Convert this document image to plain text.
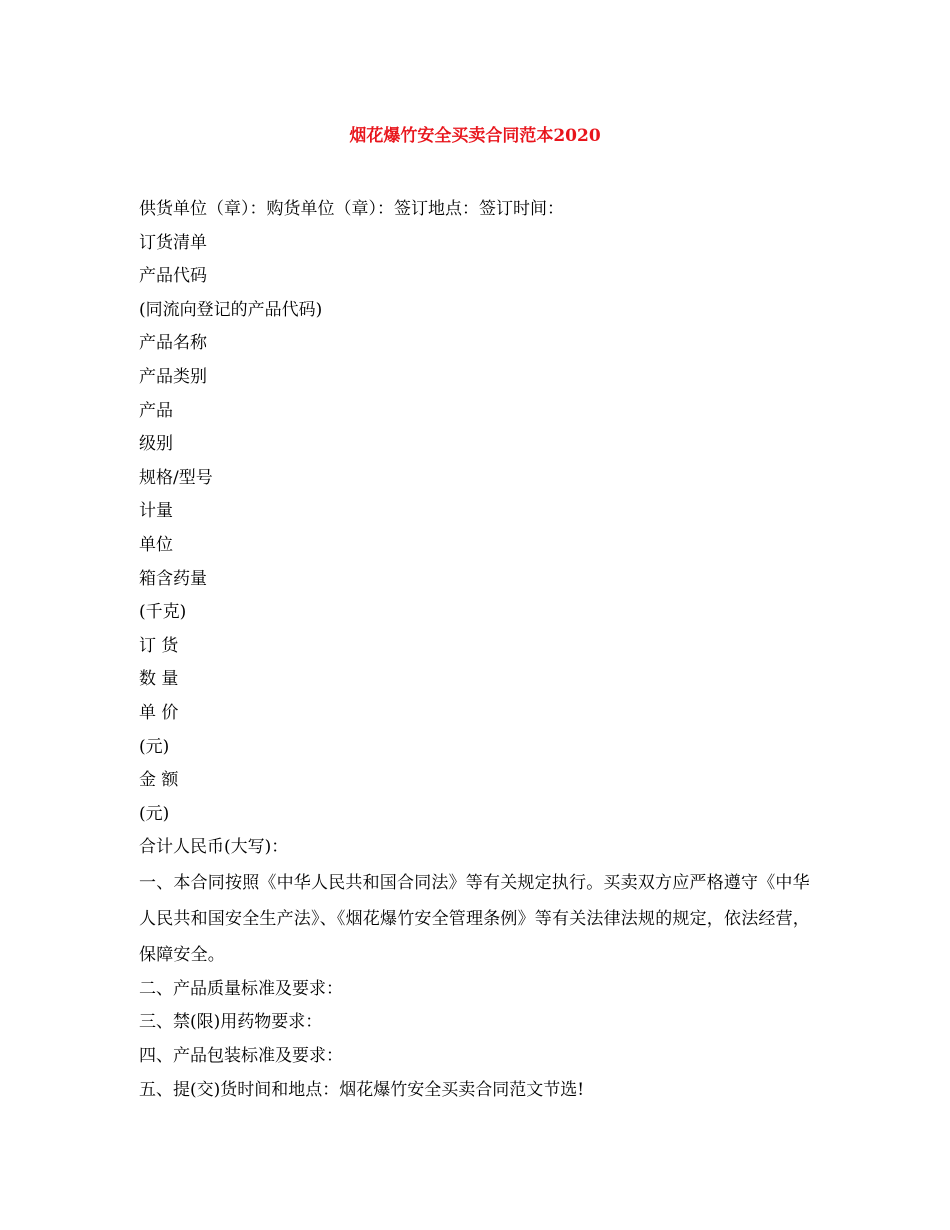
烟花爆竹安全买卖合同范本2020
供货单位（章）：购货单位（章）：签订地点：签订时间：
订货清单
产品代码
(同流向登记的产品代码)
产品名称
产品类别
产品
级别
规格/型号
计量
单位
箱含药量
(千克)
订 货
数 量
单 价
(元)
金 额
(元)
合计人民币(大写)：
一、本合同按照《中华人民共和国合同法》等有关规定执行。买卖双方应严格遵守《中华人民共和国安全生产法》、《烟花爆竹安全管理条例》等有关法律法规的规定，依法经营，保障安全。
二、产品质量标准及要求：
三、禁(限)用药物要求：
四、产品包装标准及要求：
五、提(交)货时间和地点：烟花爆竹安全买卖合同范文节选!
